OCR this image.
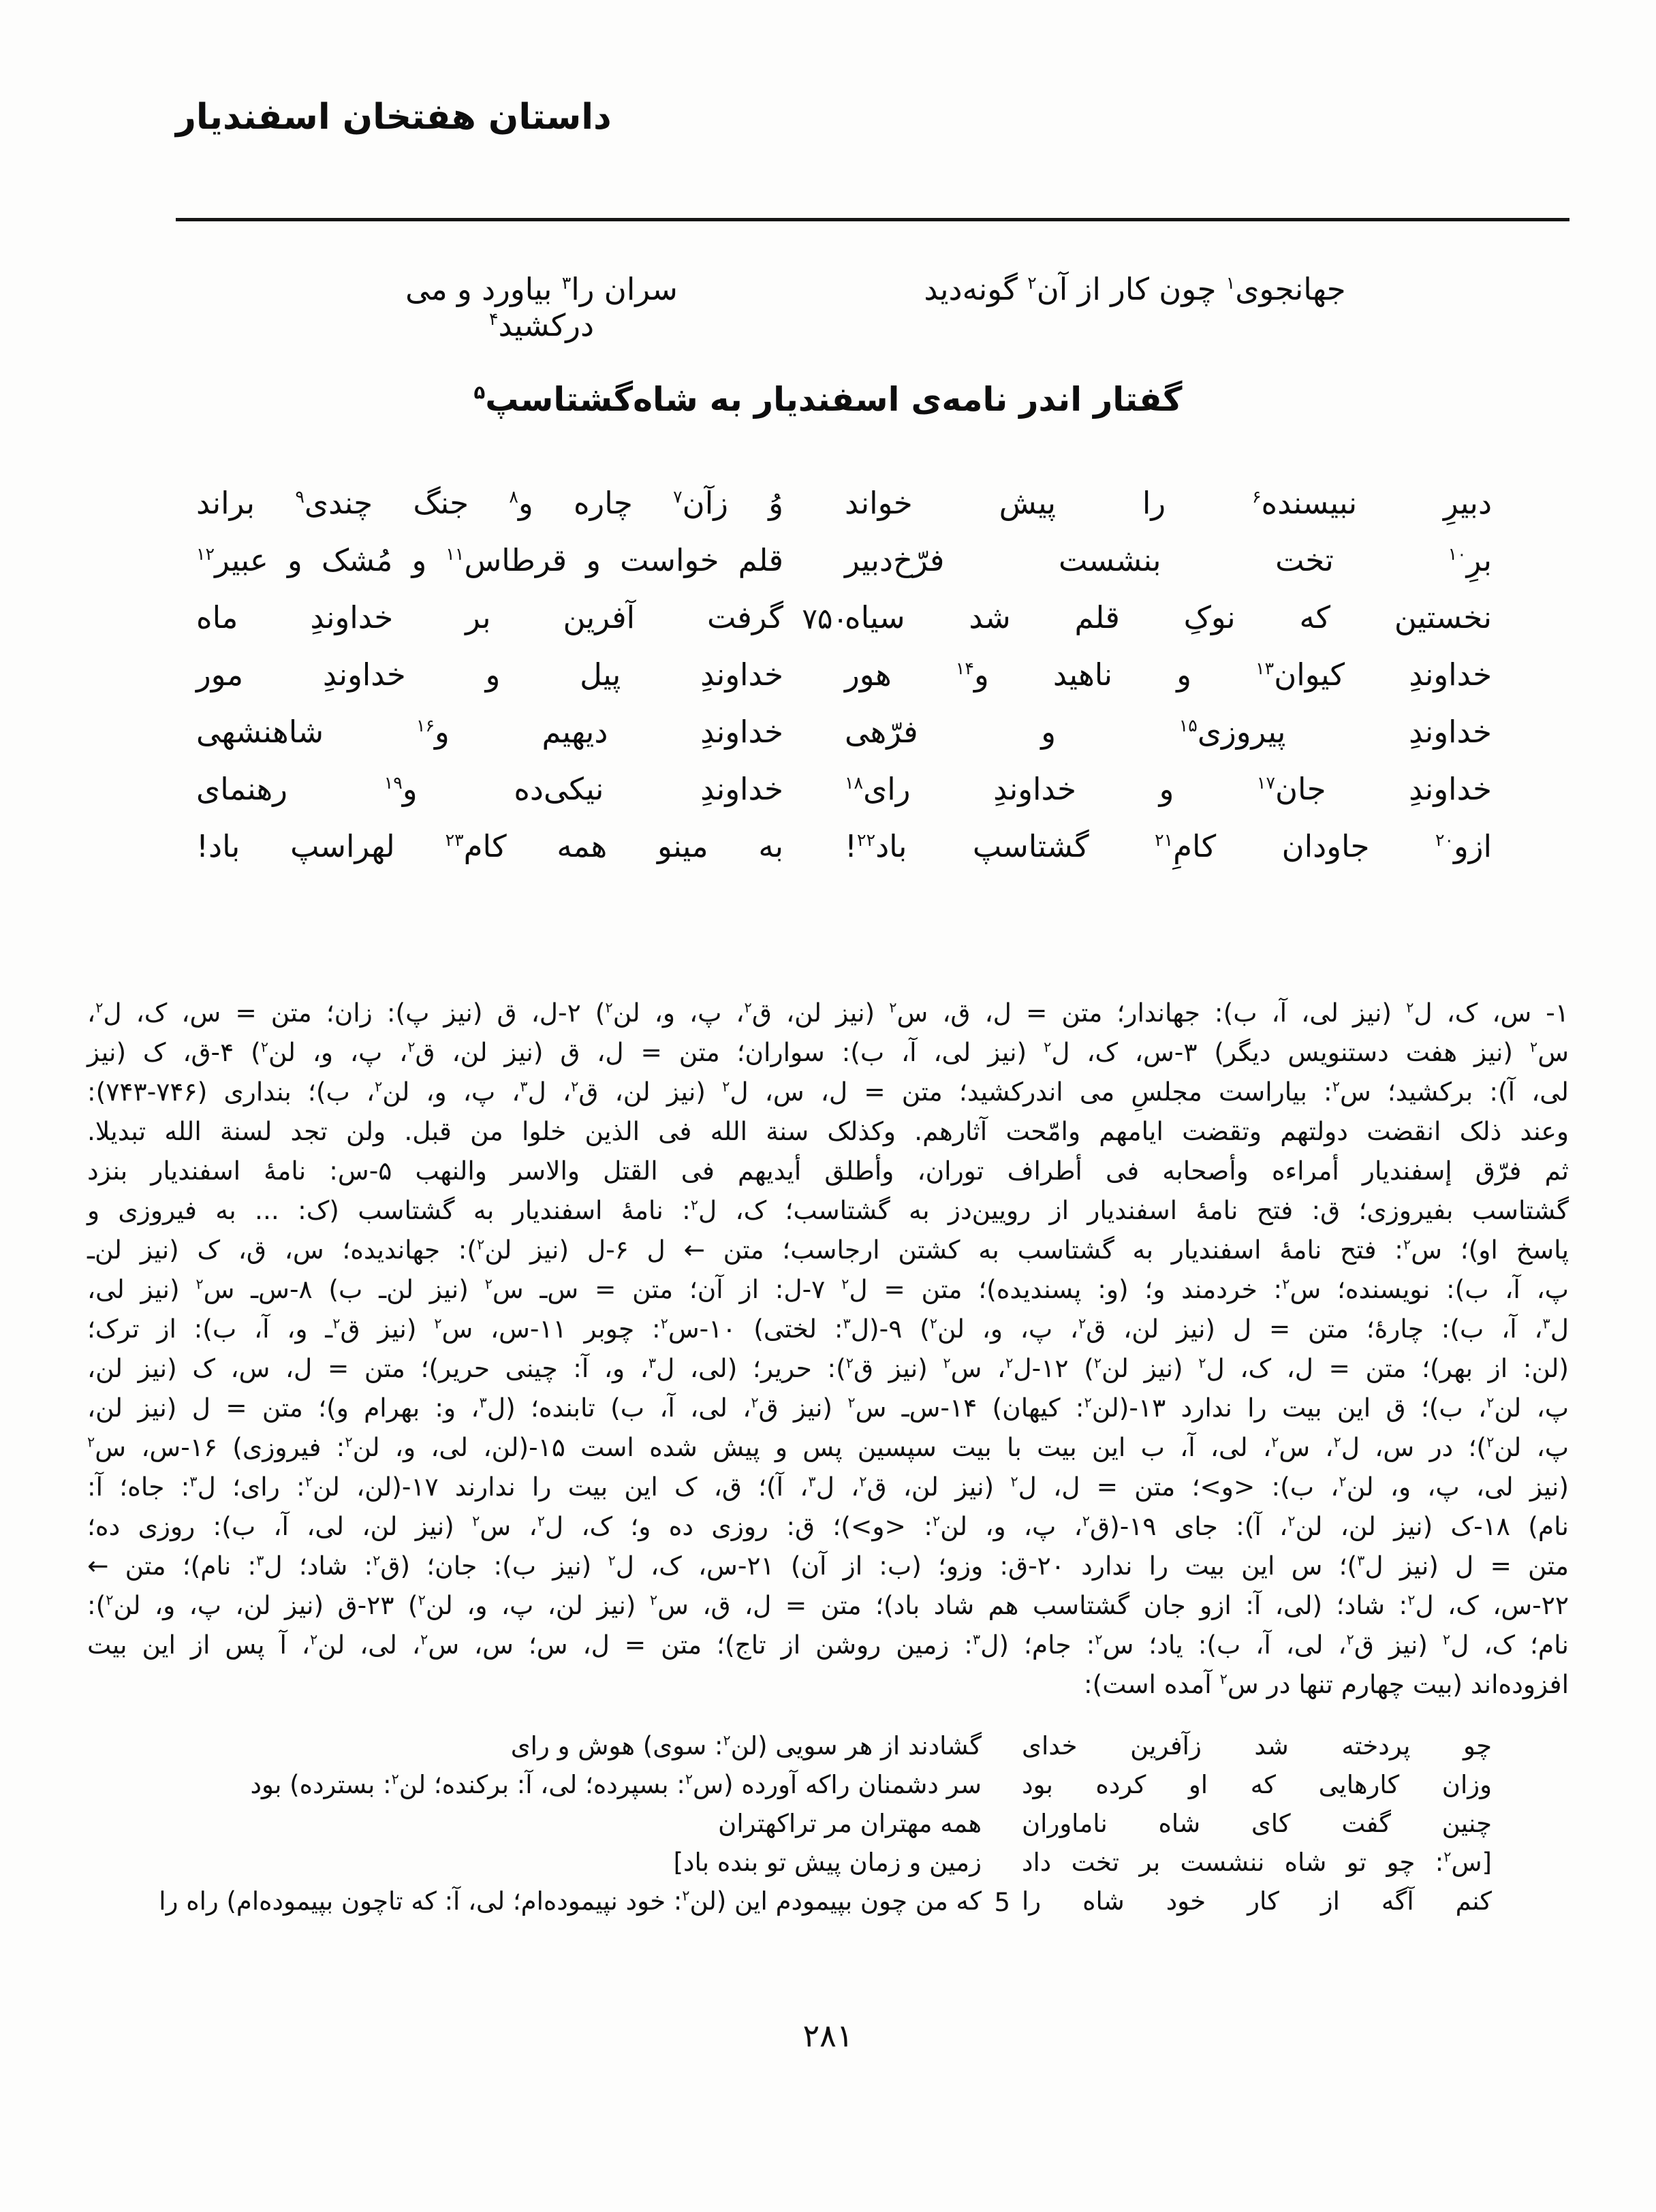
داستان هفتخان اسفندیار
جهانجوی$^۱$ چون کار از آن$^۲$ گونه‌دید
سران را$^۳$ بیاورد و می درکشید$^۴$
گفتار اندر نامه‌ی اسفندیار به شاه‌گشتاسپ$^۵$
دبیرِ نبیسنده$^۶$ را پیش خواند
وُ زآن$^۷$ چاره و$^۸$ جنگ چندی$^۹$ براند
برِ$^{۱۰}$ تخت بنشست فرّخ‌دبیر
قلم خواست و قرطاس$^{۱۱}$ و مُشک و عبیر$^{۱۲}$
۷۵۰
نخستین که نوکِ قلم شد سیاه
گرفت آفرین بر خداوندِ ماه
خداوندِ کیوان$^{۱۳}$ و ناهید و$^{۱۴}$ هور
خداوندِ پیل و خداوندِ مور
خداوندِ پیروزی$^{۱۵}$ و فرّهی
خداوندِ دیهیم و$^{۱۶}$ شاهنشهی
خداوندِ جان$^{۱۷}$ و خداوندِ رای$^{۱۸}$
خداوندِ نیکی‌ده و$^{۱۹}$ رهنمای
ازو$^{۲۰}$ جاودان کامِ$^{۲۱}$ گشتاسپ باد$^{۲۲}$!
به مینو همه کام$^{۲۳}$ لهراسپ باد!
۱- س، ک، ل$^۲$ (نیز لی، آ، ب): جهاندار؛ متن = ل، ق، س$^۲$ (نیز لن، ق$^۲$، پ، و، لن$^۲$) ۲-ل، ق (نیز پ): زان؛ متن = س، ک، ل$^۲$،
س$^۲$ (نیز هفت دستنویس دیگر) ۳-س، ک، ل$^۲$ (نیز لی، آ، ب): سواران؛ متن = ل، ق (نیز لن، ق$^۲$، پ، و، لن$^۲$) ۴-ق، ک (نیز
لی، آ): برکشید؛ س$^۲$: بیاراست مجلسِ می اندرکشید؛ متن = ل، س، ل$^۲$ (نیز لن، ق$^۲$، ل$^۳$، پ، و، لن$^۲$، ب)؛ بنداری (۷۴۶-۷۴۳):
وعند ذلک انقضت دولتهم وتقضت ایامهم وامّحت آثارهم. وکذلک سنة الله فی الذین خلوا من قبل. ولن تجد لسنة الله تبدیلا.
ثم فرّق إسفندیار أمراءه وأصحابه فی أطراف توران، وأطلق أیدیهم فی القتل والاسر والنهب ۵-س: نامهٔ اسفندیار بنزد
گشتاسب بفیروزی؛ ق: فتح نامهٔ اسفندیار از رویین‌دز به گشتاسب؛ ک، ل$^۲$: نامهٔ اسفندیار به گشتاسب (ک: ... به فیروزی و
پاسخ او)؛ س$^۲$: فتح نامهٔ اسفندیار به گشتاسب به کشتن ارجاسب؛ متن ← ل ۶-ل (نیز لن$^۲$): جهاندیده؛ س، ق، ک (نیز لن‌ـ
پ، آ، ب): نویسنده؛ س$^۲$: خردمند و؛ (و: پسندیده)؛ متن = ل$^۲$ ۷-ل: از آن؛ متن = س‌ـ س$^۲$ (نیز لن‌ـ ب) ۸-س‌ـ س$^۲$ (نیز لی،
ل$^۳$، آ، ب): چارهٔ؛ متن = ل (نیز لن، ق$^۲$، پ، و، لن$^۲$) ۹-(ل$^۳$: لختی) ۱۰-س$^۲$: چوبر ۱۱-س، س$^۲$ (نیز ق$^۲$ـ و، آ، ب): از ترک؛
(لن: از بهر)؛ متن = ل، ک، ل$^۲$ (نیز لن$^۲$) ۱۲-ل$^۲$، س$^۲$ (نیز ق$^۲$): حریر؛ (لی، ل$^۳$، و، آ: چینی حریر)؛ متن = ل، س، ک (نیز لن،
پ، لن$^۲$، ب)؛ ق این بیت را ندارد ۱۳-(لن$^۲$: کیهان) ۱۴-س‌ـ س$^۲$ (نیز ق$^۲$، لی، آ، ب) تابنده؛ (ل$^۳$، و: بهرام و)؛ متن = ل (نیز لن،
پ، لن$^۲$)؛ در س، ل$^۲$، س$^۲$، لی، آ، ب این بیت با بیت سپسین پس و پیش شده است ۱۵-(لن، لی، و، لن$^۲$: فیروزی) ۱۶-س، س$^۲$
(نیز لی، پ، و، لن$^۲$، ب): <و>؛ متن = ل، ل$^۲$ (نیز لن، ق$^۲$، ل$^۳$، آ)؛ ق، ک این بیت را ندارند ۱۷-(لن، لن$^۲$: رای؛ ل$^۳$: جاه؛ آ:
نام) ۱۸-ک (نیز لن، لن$^۲$، آ): جای ۱۹-(ق$^۲$، پ، و، لن$^۲$: <و>)؛ ق: روزی ده و؛ ک، ل$^۲$، س$^۲$ (نیز لن، لی، آ، ب): روزی ده؛
متن = ل (نیز ل$^۳$)؛ س این بیت را ندارد ۲۰-ق: وزو؛ (ب: از آن) ۲۱-س، ک، ل$^۲$ (نیز ب): جان؛ (ق$^۲$: شاد؛ ل$^۳$: نام)؛ متن ←
۲۲-س، ک، ل$^۲$: شاد؛ (لی، آ: ازو جان گشتاسب هم شاد باد)؛ متن = ل، ق، س$^۲$ (نیز لن، پ، و، لن$^۲$) ۲۳-ق (نیز لن، پ، و، لن$^۲$):
نام؛ ک، ل$^۲$ (نیز ق$^۲$، لی، آ، ب): یاد؛ س$^۲$: جام؛ (ل$^۳$: زمین روشن از تاج)؛ متن = ل، س؛ س، س$^۲$، لی، لن$^۲$، آ پس از این بیت
افزوده‌اند (بیت چهارم تنها در س$^۲$ آمده است):
چو پردخته شد زآفرین خدای
گشادند از هر سویی (لن$^۲$: سوی) هوش و رای
وزان کارهایی که او کرده بود
سر دشمنان راکه آورده (س$^۲$: بسپرده؛ لی، آ: برکنده؛ لن$^۲$: بسترده) بود
چنین گفت کای شاه ناماوران
همه مهتران مر تراکهتران
[س$^۲$: چو تو شاه ننشست بر تخت داد
زمین و زمان پیش تو بنده باد]
5 کنم آگه از کار خود شاه را
که من چون بپیمودم این (لن$^۲$: خود نپیموده‌ام؛ لی، آ: که تاچون بپیموده‌ام) راه را
۲۸۱
